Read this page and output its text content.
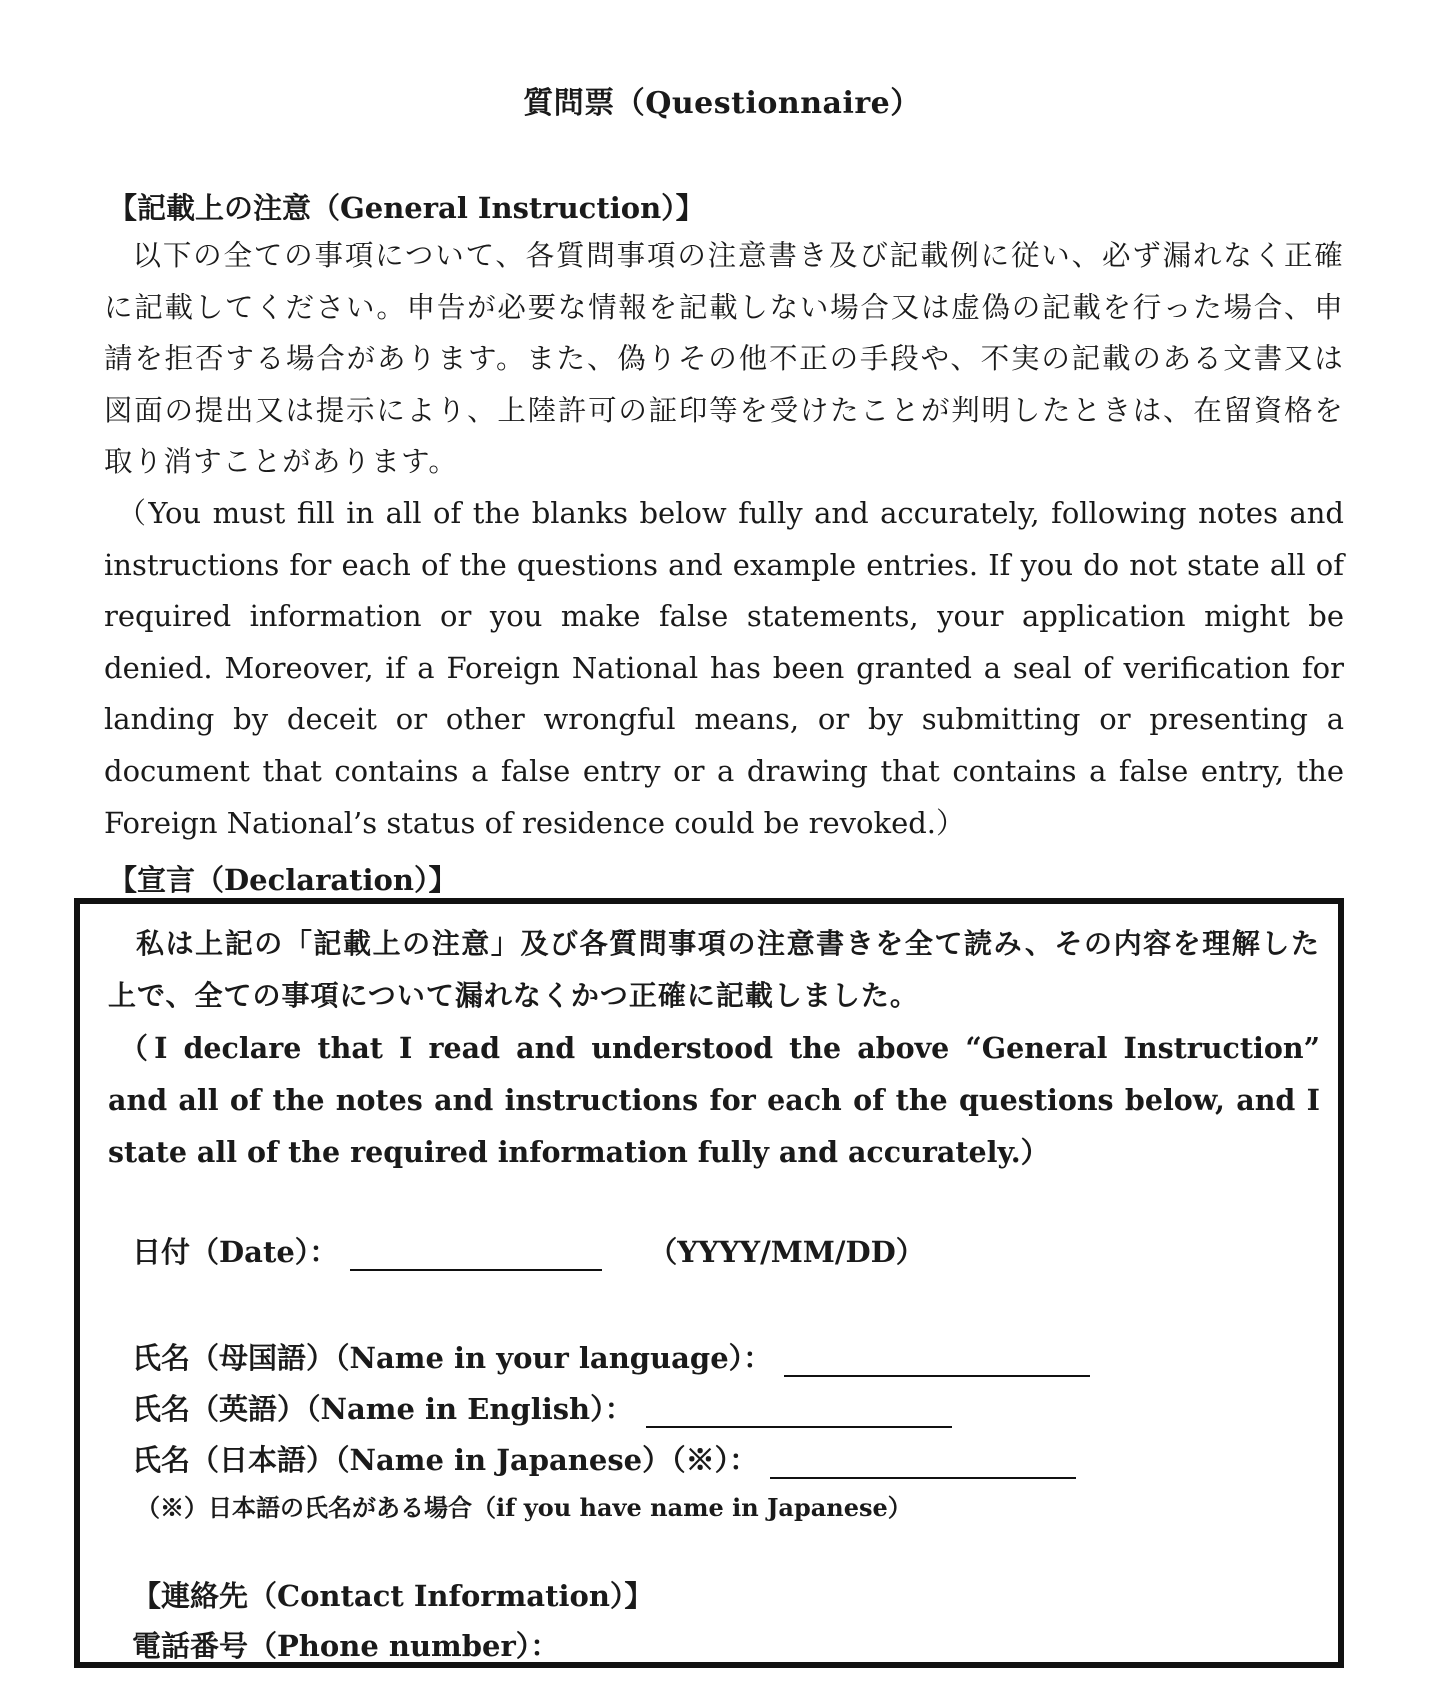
質問票（Questionnaire）
【記載上の注意（General Instruction）】
以下の全ての事項について、各質問事項の注意書き及び記載例に従い、必ず漏れなく正確に記載してください。申告が必要な情報を記載しない場合又は虚偽の記載を行った場合、申請を拒否する場合があります。また、偽りその他不正の手段や、不実の記載のある文書又は図面の提出又は提示により、上陸許可の証印等を受けたことが判明したときは、在留資格を取り消すことがあります。
（You must fill in all of the blanks below fully and accurately, following notes and instructions for each of the questions and example entries. If you do not state all of required information or you make false statements, your application might be denied. Moreover, if a Foreign National has been granted a seal of verification for landing by deceit or other wrongful means, or by submitting or presenting a document that contains a false entry or a drawing that contains a false entry, the Foreign National’s status of residence could be revoked.）
【宣言（Declaration）】
私は上記の「記載上の注意」及び各質問事項の注意書きを全て読み、その内容を理解した上で、全ての事項について漏れなくかつ正確に記載しました。
（I declare that I read and understood the above “General Instruction” and all of the notes and instructions for each of the questions below, and I state all of the required information fully and accurately.）
日付（Date）：	（YYYY/MM/DD）
氏名（母国語）（Name in your language）：
氏名（英語）（Name in English）：
氏名（日本語）（Name in Japanese）（※）：
（※）日本語の氏名がある場合（if you have name in Japanese）
【連絡先（Contact Information）】
電話番号（Phone number）：
